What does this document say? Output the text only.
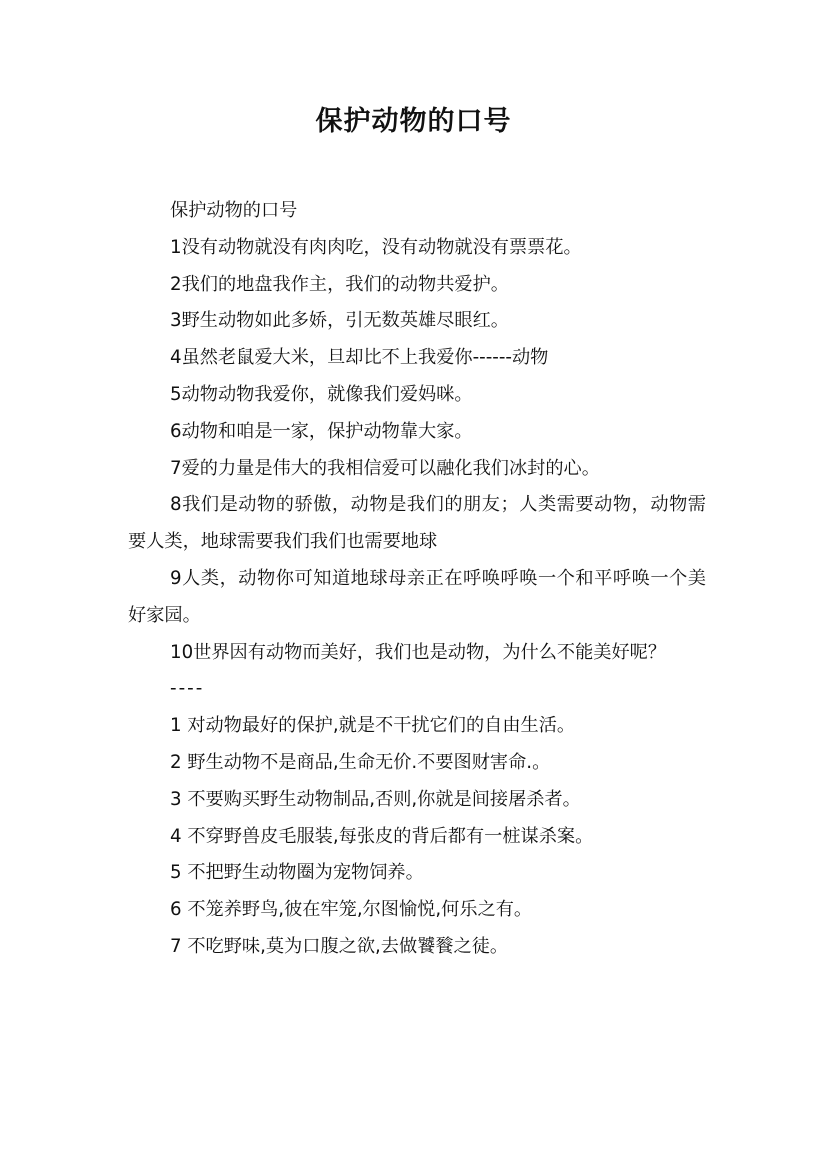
保护动物的口号

保护动物的口号

1没有动物就没有肉肉吃，没有动物就没有票票花。

2我们的地盘我作主，我们的动物共爱护。

3野生动物如此多娇，引无数英雄尽眼红。

4虽然老鼠爱大米，旦却比不上我爱你------动物

5动物动物我爱你，就像我们爱妈咪。

6动物和咱是一家，保护动物靠大家。

7爱的力量是伟大的我相信爱可以融化我们冰封的心。

8我们是动物的骄傲，动物是我们的朋友；人类需要动物，动物需要人类，地球需要我们我们也需要地球

9人类，动物你可知道地球母亲正在呼唤呼唤一个和平呼唤一个美好家园。

10世界因有动物而美好，我们也是动物，为什么不能美好呢？

----

1 对动物最好的保护,就是不干扰它们的自由生活。

2 野生动物不是商品,生命无价.不要图财害命.。

3 不要购买野生动物制品,否则,你就是间接屠杀者。

4 不穿野兽皮毛服装,每张皮的背后都有一桩谋杀案。

5 不把野生动物圈为宠物饲养。

6 不笼养野鸟,彼在牢笼,尔图愉悦,何乐之有。

7 不吃野味,莫为口腹之欲,去做饕餮之徒。
